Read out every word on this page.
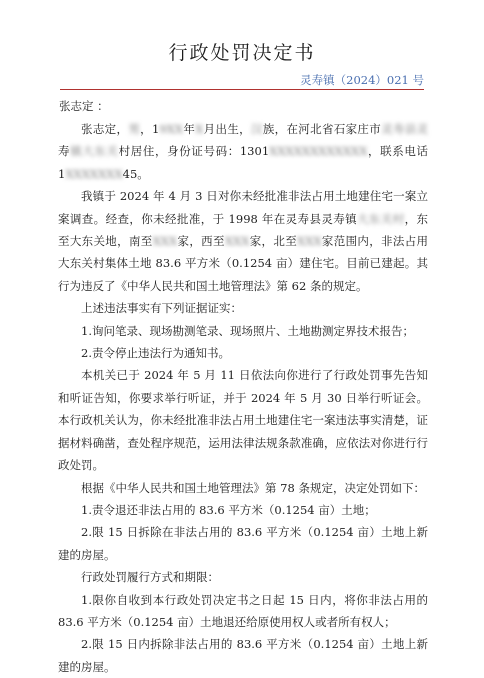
行政处罚决定书
灵寿镇（2024）021 号
张志定 ：

张志定，男，19XX年X月出生，汉族，在河北省石家庄市灵寿县灵寿镇大东关村居住，身份证号码：1301XXXXXXXXXXXX，联系电话 1XXXXXXX45。

我镇于 2024 年 4 月 3 日对你未经批准非法占用土地建住宅一案立案调查。经查，你未经批准，于 1998 年在灵寿县灵寿镇大东关村，东至大东关地，南至XXX家，西至XXX家，北至XXX家范围内，非法占用大东关村集体土地 83.6 平方米（0.1254 亩）建住宅。目前已建起。其行为违反了《中华人民共和国土地管理法》第 62 条的规定。

上述违法事实有下列证据证实：

1.询问笔录、现场勘测笔录、现场照片、土地勘测定界技术报告；

2.责令停止违法行为通知书。

本机关已于 2024 年 5 月 11 日依法向你进行了行政处罚事先告知和听证告知，你要求举行听证，并于 2024 年 5 月 30 日举行听证会。本行政机关认为，你未经批准非法占用土地建住宅一案违法事实清楚，证据材料确凿，查处程序规范，运用法律法规条款准确，应依法对你进行行政处罚。

根据《中华人民共和国土地管理法》第 78 条规定，决定处罚如下：

1.责令退还非法占用的 83.6 平方米（0.1254 亩）土地；

2.限 15 日拆除在非法占用的 83.6 平方米（0.1254 亩）土地上新建的房屋。

行政处罚履行方式和期限：

1.限你自收到本行政处罚决定书之日起 15 日内，将你非法占用的 83.6 平方米（0.1254 亩）土地退还给原使用权人或者所有权人；

2.限 15 日内拆除非法占用的 83.6 平方米（0.1254 亩）土地上新建的房屋。
